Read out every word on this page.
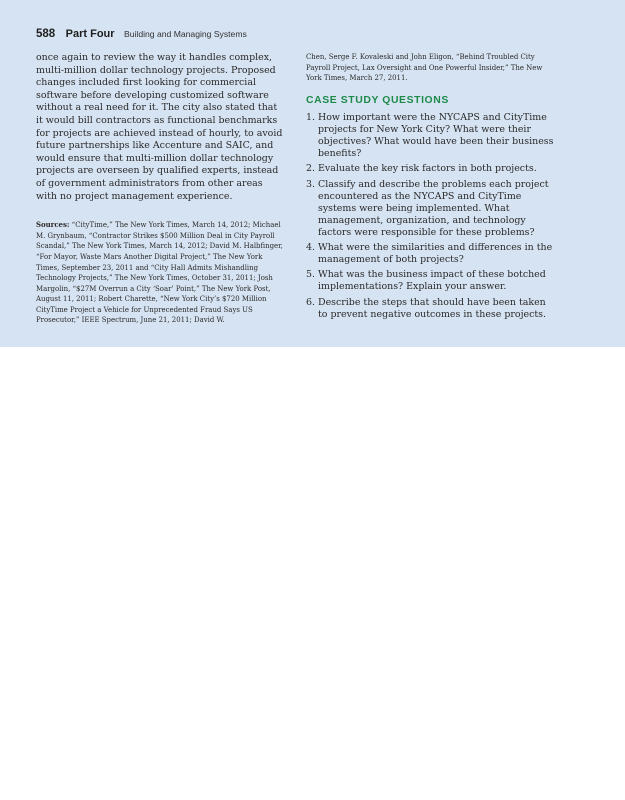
588 Part Four Building and Managing Systems

once again to review the way it handles complex, multi-million dollar technology projects. Proposed changes included first looking for commercial software before developing customized software without a real need for it. The city also stated that it would bill contractors as functional benchmarks for projects are achieved instead of hourly, to avoid future partnerships like Accenture and SAIC, and would ensure that multi-million dollar technology projects are overseen by qualified experts, instead of government administrators from other areas with no project management experience.

Sources: “CityTime,” The New York Times, March 14, 2012; Michael M. Grynbaum, “Contractor Strikes $500 Million Deal in City Payroll Scandal,” The New York Times, March 14, 2012; David M. Halbfinger, “For Mayor, Waste Mars Another Digital Project,” The New York Times, September 23, 2011 and “City Hall Admits Mishandling Technology Projects,” The New York Times, October 31, 2011; Josh Margolin, “$27M Overrun a City ‘Soar’ Point,” The New York Post, August 11, 2011; Robert Charette, “New York City’s $720 Million CityTime Project a Vehicle for Unprecedented Fraud Says US Prosecutor,” IEEE Spectrum, June 21, 2011; David W.

Chen, Serge F. Kovaleski and John Eligon, “Behind Troubled City Payroll Project, Lax Oversight and One Powerful Insider,” The New York Times, March 27, 2011.

CASE STUDY QUESTIONS
1. How important were the NYCAPS and CityTime projects for New York City? What were their objectives? What would have been their business benefits?
2. Evaluate the key risk factors in both projects.
3. Classify and describe the problems each project encountered as the NYCAPS and CityTime systems were being implemented. What management, organization, and technology factors were responsible for these problems?
4. What were the similarities and differences in the management of both projects?
5. What was the business impact of these botched implementations? Explain your answer.
6. Describe the steps that should have been taken to prevent negative outcomes in these projects.
